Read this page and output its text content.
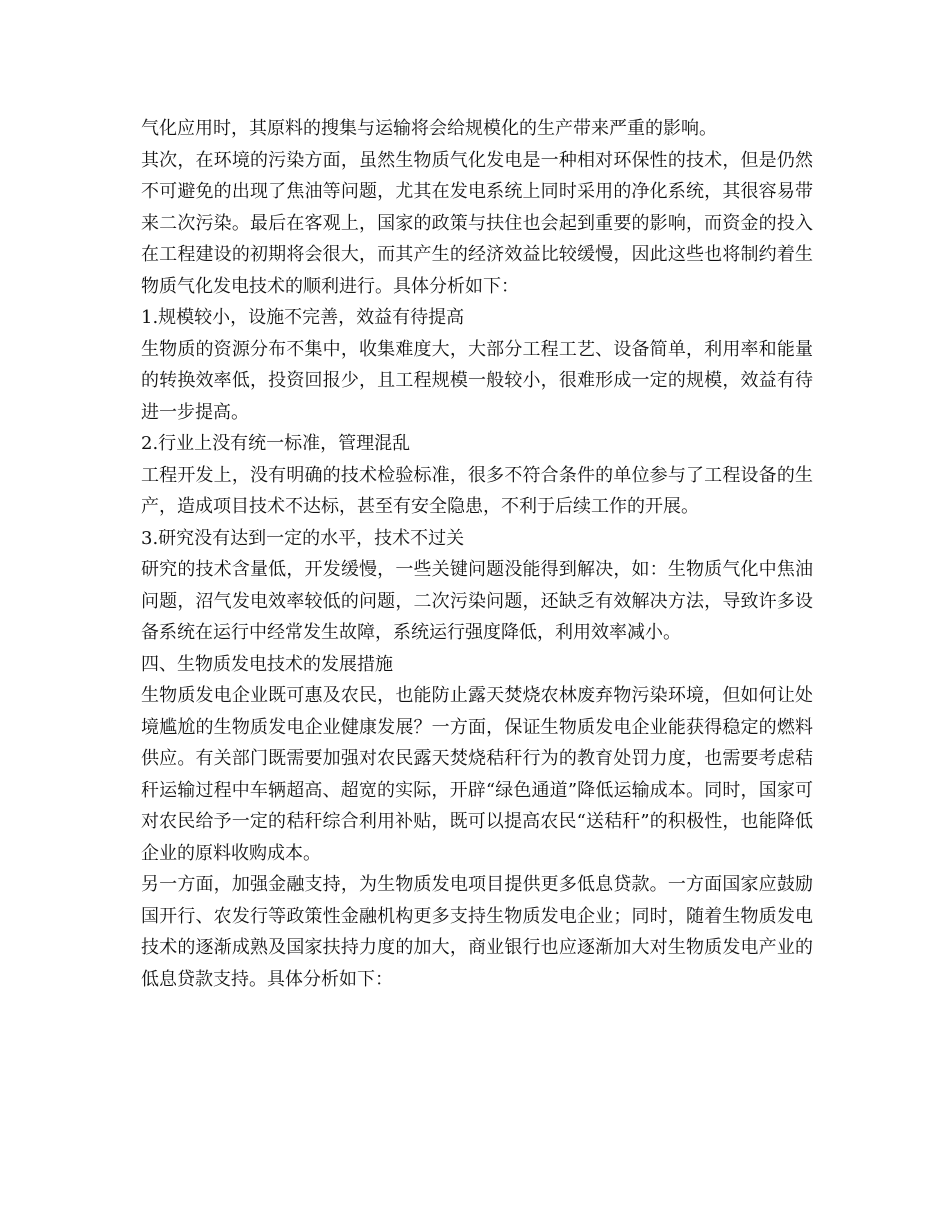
气化应用时，其原料的搜集与运输将会给规模化的生产带来严重的影响。

其次，在环境的污染方面，虽然生物质气化发电是一种相对环保性的技术，但是仍然不可避免的出现了焦油等问题，尤其在发电系统上同时采用的净化系统，其很容易带来二次污染。最后在客观上，国家的政策与扶住也会起到重要的影响，而资金的投入在工程建设的初期将会很大，而其产生的经济效益比较缓慢，因此这些也将制约着生物质气化发电技术的顺利进行。具体分析如下：

1.规模较小，设施不完善，效益有待提高

生物质的资源分布不集中，收集难度大，大部分工程工艺、设备简单，利用率和能量的转换效率低，投资回报少，且工程规模一般较小，很难形成一定的规模，效益有待进一步提高。

2.行业上没有统一标准，管理混乱

工程开发上，没有明确的技术检验标准，很多不符合条件的单位参与了工程设备的生产，造成项目技术不达标，甚至有安全隐患，不利于后续工作的开展。

3.研究没有达到一定的水平，技术不过关

研究的技术含量低，开发缓慢，一些关键问题没能得到解决，如：生物质气化中焦油问题，沼气发电效率较低的问题，二次污染问题，还缺乏有效解决方法，导致许多设备系统在运行中经常发生故障，系统运行强度降低，利用效率减小。

四、生物质发电技术的发展措施

生物质发电企业既可惠及农民，也能防止露天焚烧农林废弃物污染环境，但如何让处境尴尬的生物质发电企业健康发展？一方面，保证生物质发电企业能获得稳定的燃料供应。有关部门既需要加强对农民露天焚烧秸秆行为的教育处罚力度，也需要考虑秸秆运输过程中车辆超高、超宽的实际，开辟“绿色通道”降低运输成本。同时，国家可对农民给予一定的秸秆综合利用补贴，既可以提高农民“送秸秆”的积极性，也能降低企业的原料收购成本。

另一方面，加强金融支持，为生物质发电项目提供更多低息贷款。一方面国家应鼓励国开行、农发行等政策性金融机构更多支持生物质发电企业；同时，随着生物质发电技术的逐渐成熟及国家扶持力度的加大，商业银行也应逐渐加大对生物质发电产业的低息贷款支持。具体分析如下：
